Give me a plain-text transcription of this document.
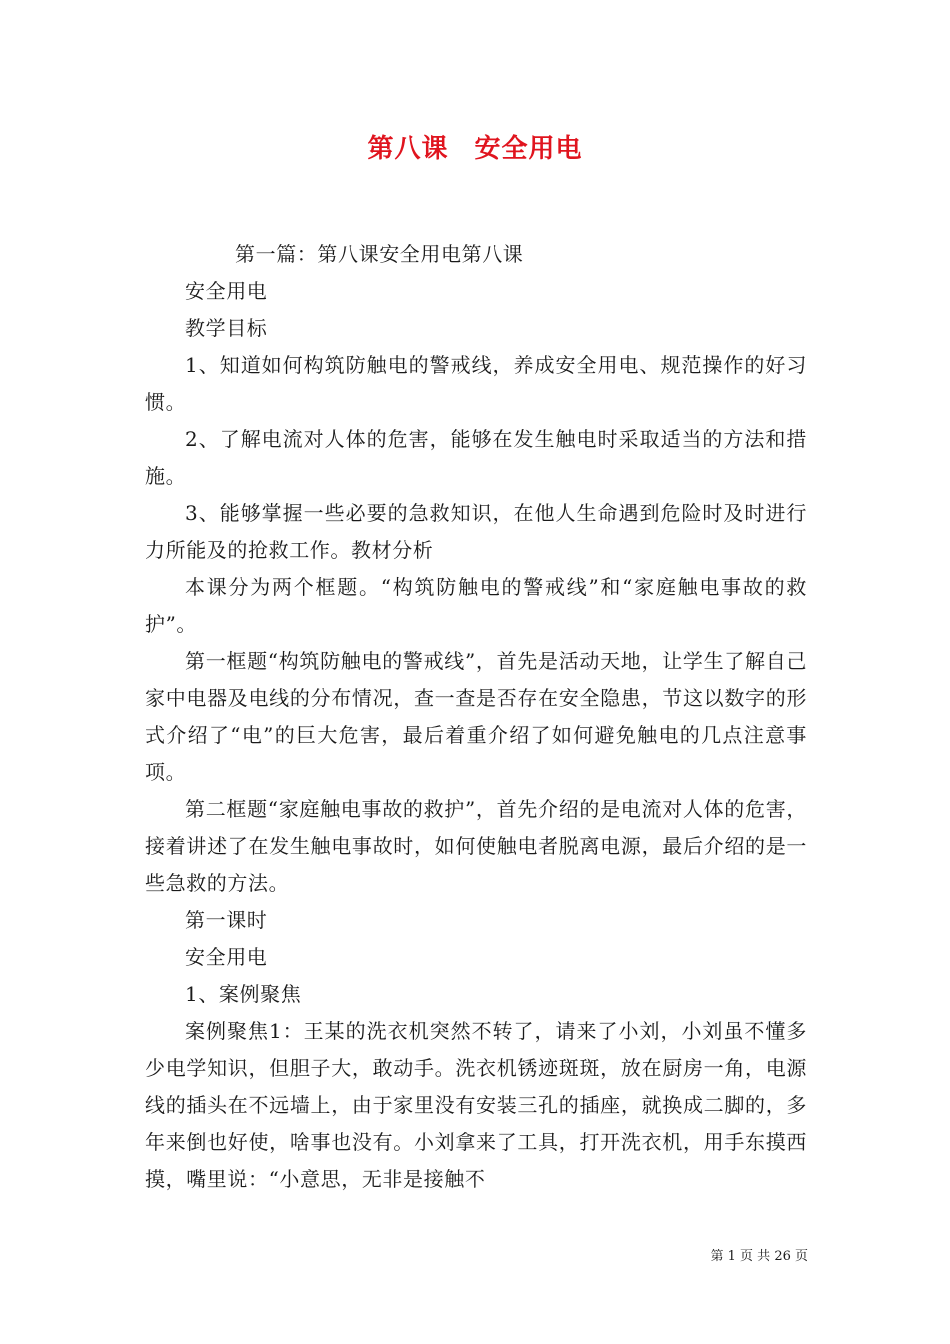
第八课 安全用电

第一篇：第八课安全用电第八课

安全用电

教学目标

1、知道如何构筑防触电的警戒线，养成安全用电、规范操作的好习惯。

2、了解电流对人体的危害，能够在发生触电时采取适当的方法和措施。

3、能够掌握一些必要的急救知识，在他人生命遇到危险时及时进行力所能及的抢救工作。教材分析

本课分为两个框题。“构筑防触电的警戒线”和“家庭触电事故的救护”。

第一框题“构筑防触电的警戒线”，首先是活动天地，让学生了解自己家中电器及电线的分布情况，查一查是否存在安全隐患，节这以数字的形式介绍了“电”的巨大危害，最后着重介绍了如何避免触电的几点注意事项。

第二框题“家庭触电事故的救护”，首先介绍的是电流对人体的危害，接着讲述了在发生触电事故时，如何使触电者脱离电源，最后介绍的是一些急救的方法。

第一课时

安全用电

1、案例聚焦

案例聚焦1：王某的洗衣机突然不转了，请来了小刘，小刘虽不懂多少电学知识，但胆子大，敢动手。洗衣机锈迹斑斑，放在厨房一角，电源线的插头在不远墙上，由于家里没有安装三孔的插座，就换成二脚的，多年来倒也好使，啥事也没有。小刘拿来了工具，打开洗衣机，用手东摸西摸，嘴里说：“小意思，无非是接触不

第 1 页 共 26 页
